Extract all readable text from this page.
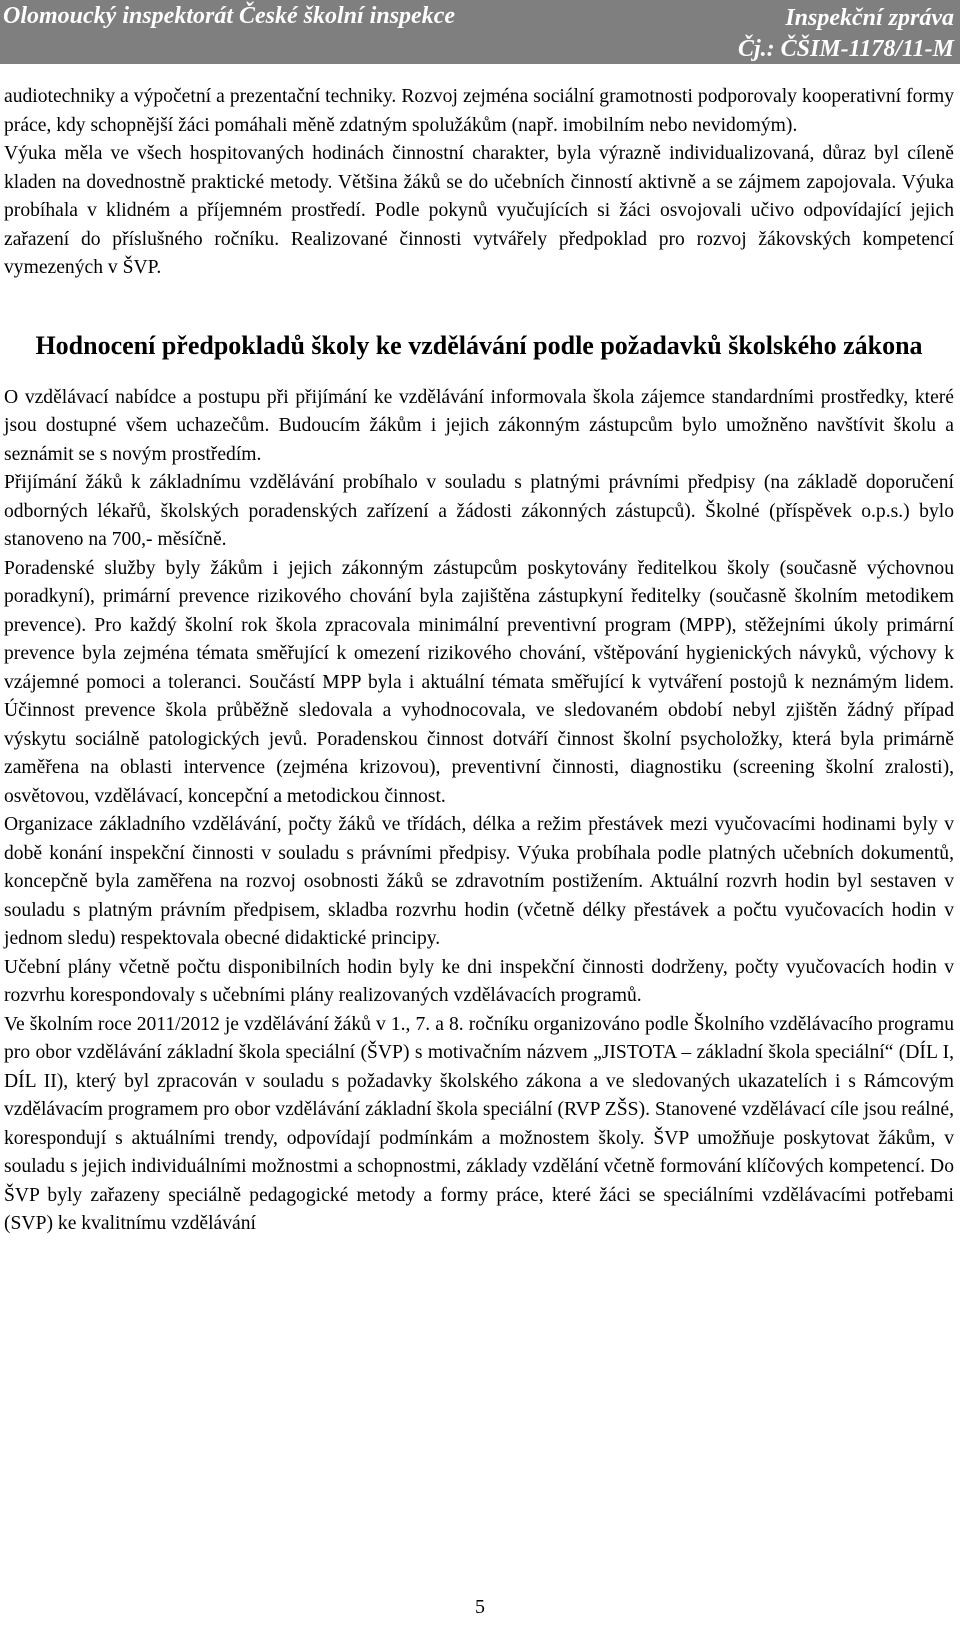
Olomoucký inspektorát České školní inspekce	Inspekční zpráva
Čj.: ČŠIM-1178/11-M

audiotechniky a výpočetní a prezentační techniky. Rozvoj zejména sociální gramotnosti podporovaly kooperativní formy práce, kdy schopnější žáci pomáhali měně zdatným spolužákům (např. imobilním nebo nevidomým).

Výuka měla ve všech hospitovaných hodinách činnostní charakter, byla výrazně individualizovaná, důraz byl cíleně kladen na dovednostně praktické metody. Většina žáků se do učebních činností aktivně a se zájmem zapojovala. Výuka probíhala v klidném a příjemném prostředí. Podle pokynů vyučujících si žáci osvojovali učivo odpovídající jejich zařazení do příslušného ročníku. Realizované činnosti vytvářely předpoklad pro rozvoj žákovských kompetencí vymezených v ŠVP.

Hodnocení předpokladů školy ke vzdělávání podle požadavků školského zákona

O vzdělávací nabídce a postupu při přijímání ke vzdělávání informovala škola zájemce standardními prostředky, které jsou dostupné všem uchazečům. Budoucím žákům i jejich zákonným zástupcům bylo umožněno navštívit školu a seznámit se s novým prostředím.

Přijímání žáků k základnímu vzdělávání probíhalo v souladu s platnými právními předpisy (na základě doporučení odborných lékařů, školských poradenských zařízení a žádosti zákonných zástupců). Školné (příspěvek o.p.s.) bylo stanoveno na 700,- měsíčně.

Poradenské služby byly žákům i jejich zákonným zástupcům poskytovány ředitelkou školy (současně výchovnou poradkyní), primární prevence rizikového chování byla zajištěna zástupkyní ředitelky (současně školním metodikem prevence). Pro každý školní rok škola zpracovala minimální preventivní program (MPP), stěžejními úkoly primární prevence byla zejména témata směřující k omezení rizikového chování, vštěpování hygienických návyků, výchovy k vzájemné pomoci a toleranci. Součástí MPP byla i aktuální témata směřující k vytváření postojů k neznámým lidem. Účinnost prevence škola průběžně sledovala a vyhodnocovala, ve sledovaném období nebyl zjištěn žádný případ výskytu sociálně patologických jevů. Poradenskou činnost dotváří činnost školní psycholožky, která byla primárně zaměřena na oblasti intervence (zejména krizovou), preventivní činnosti, diagnostiku (screening školní zralosti), osvětovou, vzdělávací, koncepční a metodickou činnost.

Organizace základního vzdělávání, počty žáků ve třídách, délka a režim přestávek mezi vyučovacími hodinami byly v době konání inspekční činnosti v souladu s právními předpisy. Výuka probíhala podle platných učebních dokumentů, koncepčně byla zaměřena na rozvoj osobnosti žáků se zdravotním postižením. Aktuální rozvrh hodin byl sestaven v souladu s platným právním předpisem, skladba rozvrhu hodin (včetně délky přestávek a počtu vyučovacích hodin v jednom sledu) respektovala obecné didaktické principy.

Učební plány včetně počtu disponibilních hodin byly ke dni inspekční činnosti dodrženy, počty vyučovacích hodin v rozvrhu korespondovaly s učebními plány realizovaných vzdělávacích programů.

Ve školním roce 2011/2012 je vzdělávání žáků v 1., 7. a 8. ročníku organizováno podle Školního vzdělávacího programu pro obor vzdělávání základní škola speciální (ŠVP) s motivačním názvem „JISTOTA – základní škola speciální“ (DÍL I, DÍL II), který byl zpracován v souladu s požadavky školského zákona a ve sledovaných ukazatelích i s Rámcovým vzdělávacím programem pro obor vzdělávání základní škola speciální (RVP ZŠS). Stanovené vzdělávací cíle jsou reálné, korespondují s aktuálními trendy, odpovídají podmínkám a možnostem školy. ŠVP umožňuje poskytovat žákům, v souladu s jejich individuálními možnostmi a schopnostmi, základy vzdělání včetně formování klíčových kompetencí. Do ŠVP byly zařazeny speciálně pedagogické metody a formy práce, které žáci se speciálními vzdělávacími potřebami (SVP) ke kvalitnímu vzdělávání

5
